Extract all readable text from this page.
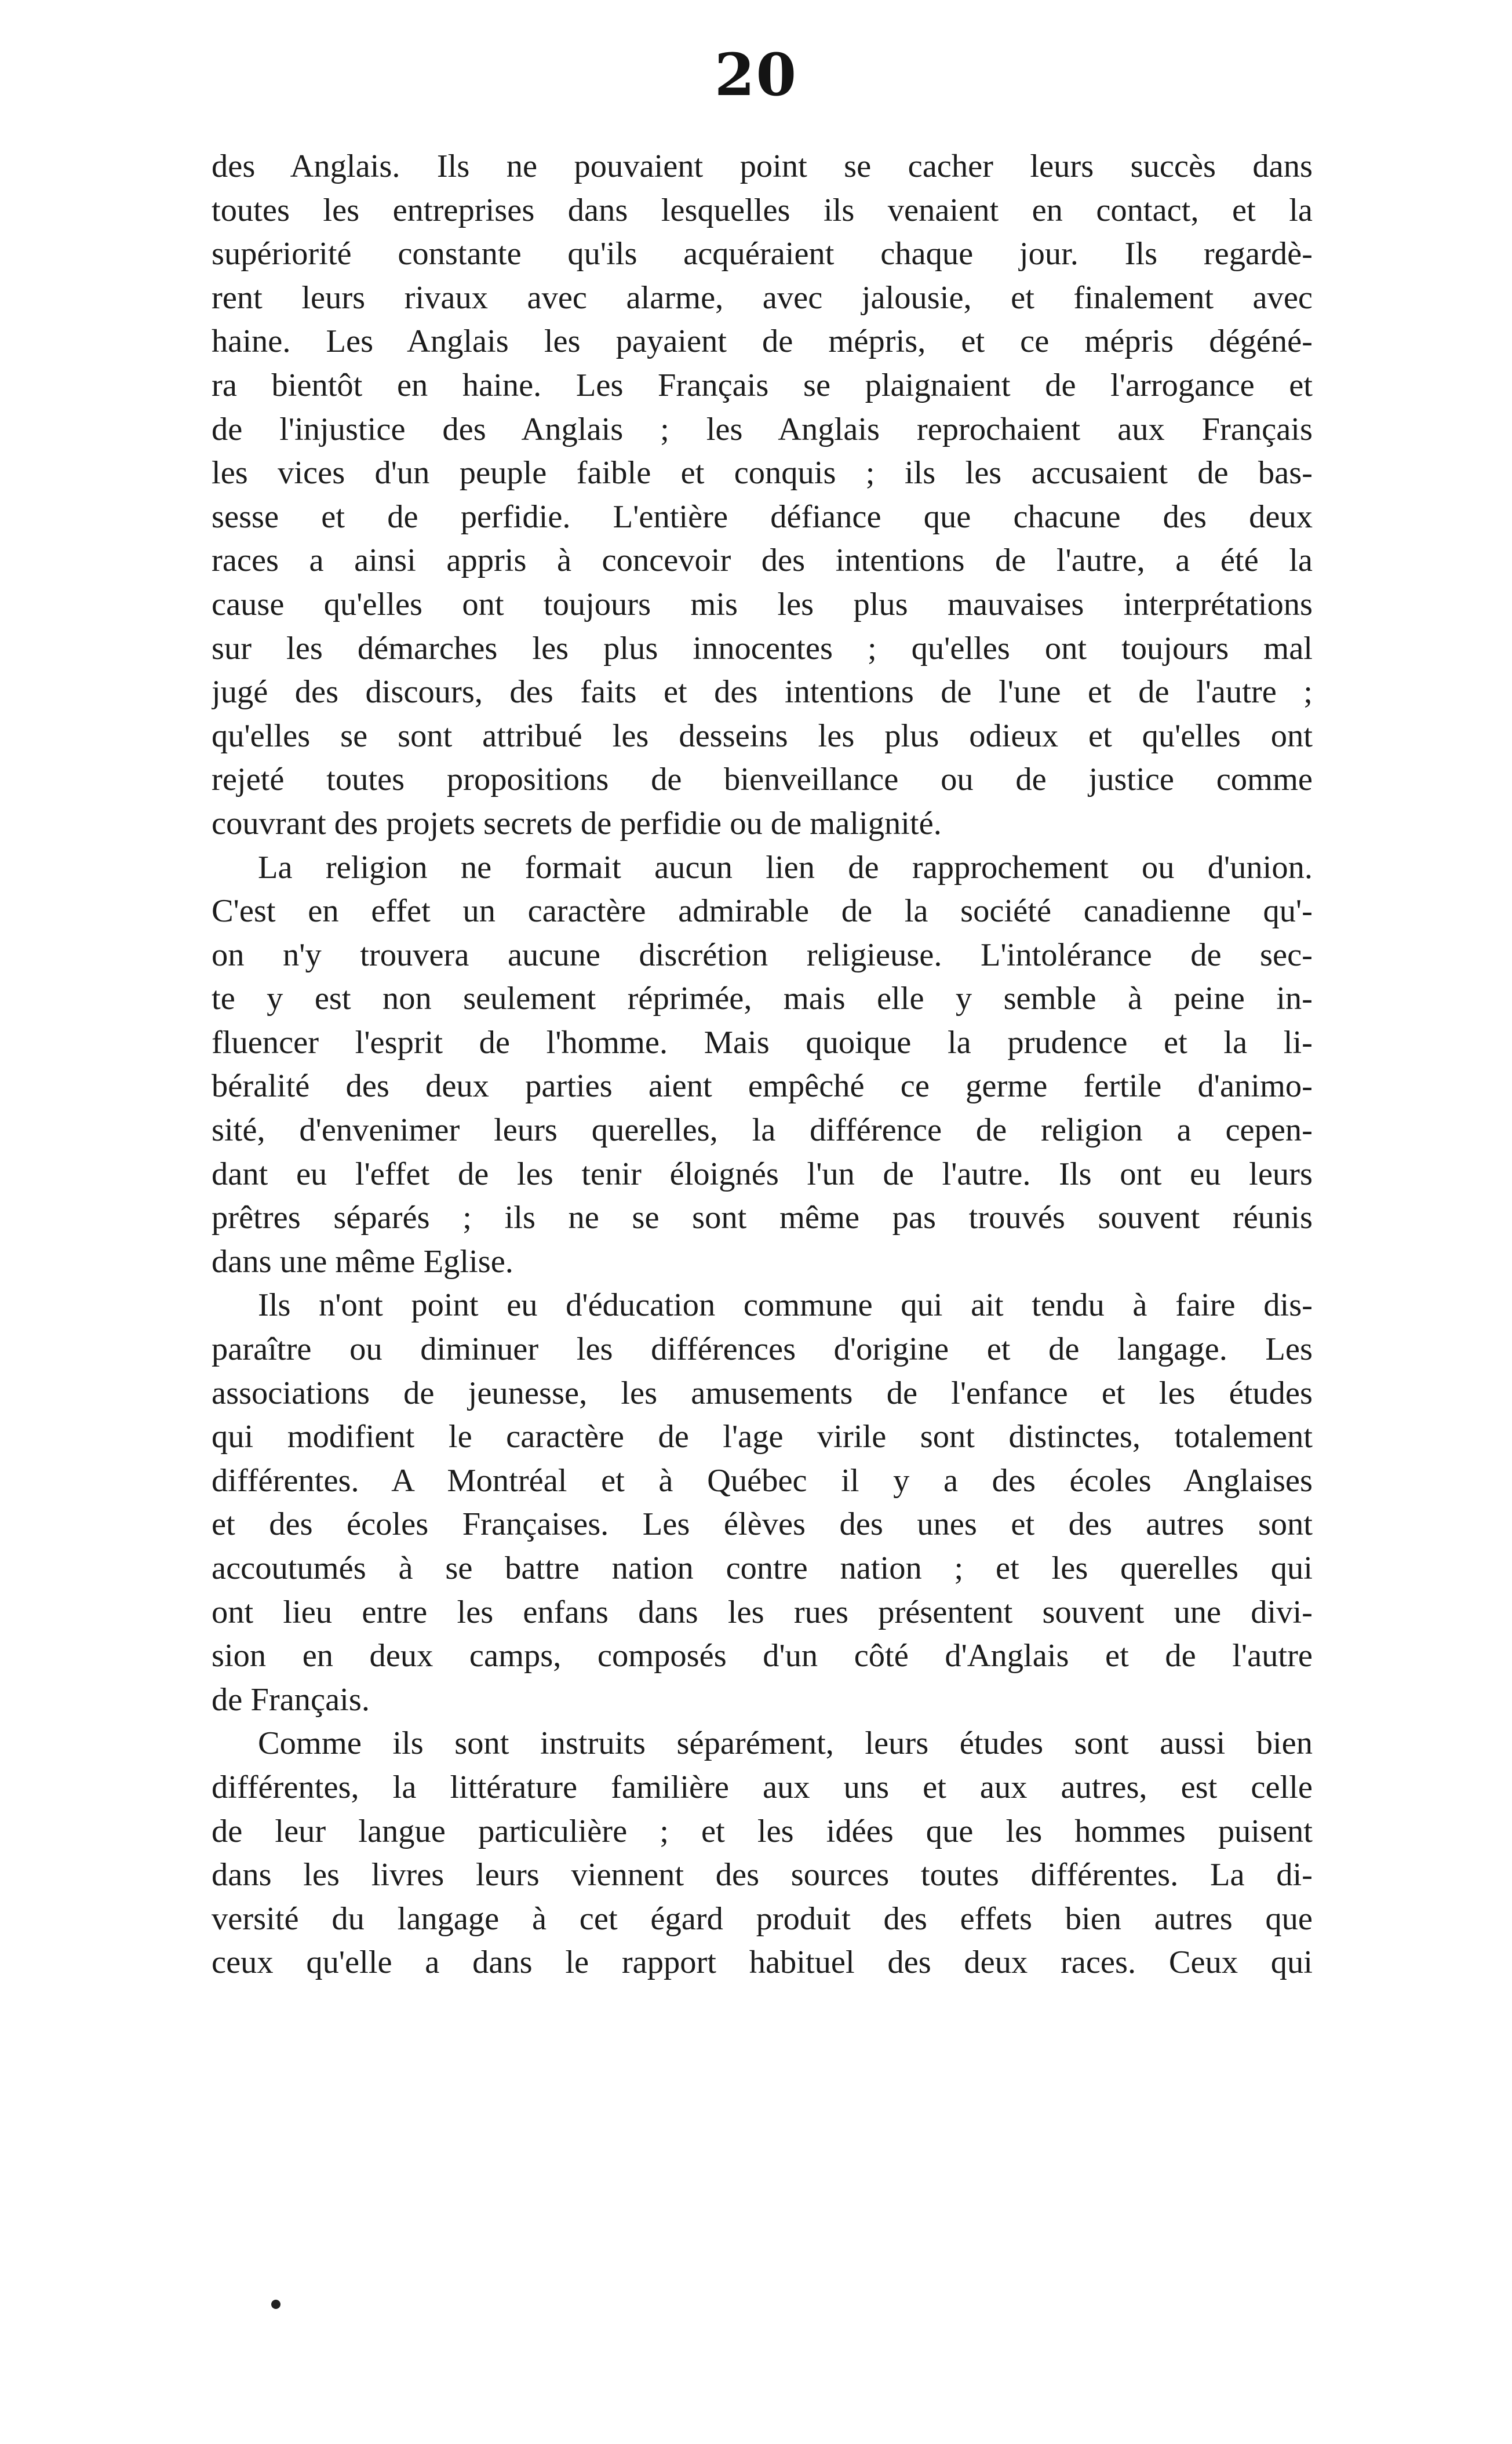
20
des Anglais. Ils ne pouvaient point se cacher leurs succès dans
toutes les entreprises dans lesquelles ils venaient en contact, et la
supériorité constante qu'ils acquéraient chaque jour. Ils regardè-
rent leurs rivaux avec alarme, avec jalousie, et finalement avec
haine. Les Anglais les payaient de mépris, et ce mépris dégéné-
ra bientôt en haine. Les Français se plaignaient de l'arrogance et
de l'injustice des Anglais ; les Anglais reprochaient aux Français
les vices d'un peuple faible et conquis ; ils les accusaient de bas-
sesse et de perfidie. L'entière défiance que chacune des deux
races a ainsi appris à concevoir des intentions de l'autre, a été la
cause qu'elles ont toujours mis les plus mauvaises interprétations
sur les démarches les plus innocentes ; qu'elles ont toujours mal
jugé des discours, des faits et des intentions de l'une et de l'autre ;
qu'elles se sont attribué les desseins les plus odieux et qu'elles ont
rejeté toutes propositions de bienveillance ou de justice comme
couvrant des projets secrets de perfidie ou de malignité.
La religion ne formait aucun lien de rapprochement ou d'union.
C'est en effet un caractère admirable de la société canadienne qu'-
on n'y trouvera aucune discrétion religieuse. L'intolérance de sec-
te y est non seulement réprimée, mais elle y semble à peine in-
fluencer l'esprit de l'homme. Mais quoique la prudence et la li-
béralité des deux parties aient empêché ce germe fertile d'animo-
sité, d'envenimer leurs querelles, la différence de religion a cepen-
dant eu l'effet de les tenir éloignés l'un de l'autre. Ils ont eu leurs
prêtres séparés ; ils ne se sont même pas trouvés souvent réunis
dans une même Eglise.
Ils n'ont point eu d'éducation commune qui ait tendu à faire dis-
paraître ou diminuer les différences d'origine et de langage. Les
associations de jeunesse, les amusements de l'enfance et les études
qui modifient le caractère de l'age virile sont distinctes, totalement
différentes. A Montréal et à Québec il y a des écoles Anglaises
et des écoles Françaises. Les élèves des unes et des autres sont
accoutumés à se battre nation contre nation ; et les querelles qui
ont lieu entre les enfans dans les rues présentent souvent une divi-
sion en deux camps, composés d'un côté d'Anglais et de l'autre
de Français.
Comme ils sont instruits séparément, leurs études sont aussi bien
différentes, la littérature familière aux uns et aux autres, est celle
de leur langue particulière ; et les idées que les hommes puisent
dans les livres leurs viennent des sources toutes différentes. La di-
versité du langage à cet égard produit des effets bien autres que
ceux qu'elle a dans le rapport habituel des deux races. Ceux qui
